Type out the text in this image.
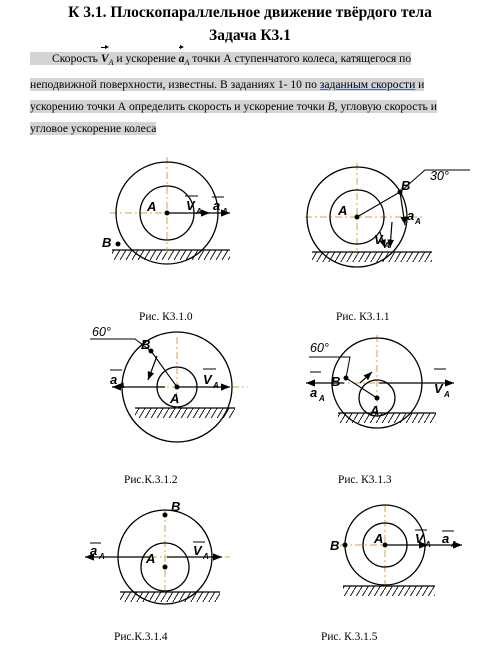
К 3.1. Плоскопараллельное движение твёрдого тела
Задача К3.1
Скорость $V_A$ и ускорение $a_A$ точки А ступенчатого колеса, катящегося по неподвижной поверхности, известны. В заданиях 1- 10 по заданным скорости и ускорению точки А определить скорость и ускорение точки B, угловую скорость и угловое ускорение колеса
A
B
V A a A
30°
A
B
a A
V A
60°
B
A
V A
a A
60°
B
A
V A
a A
B
A
V A
a A
B	A V A a A
Рис. К3.1.0	Рис. К3.1.1
Рис.К.3.1.2	Рис. К3.1.3
Рис.К.3.1.4	Рис. К.3.1.5
